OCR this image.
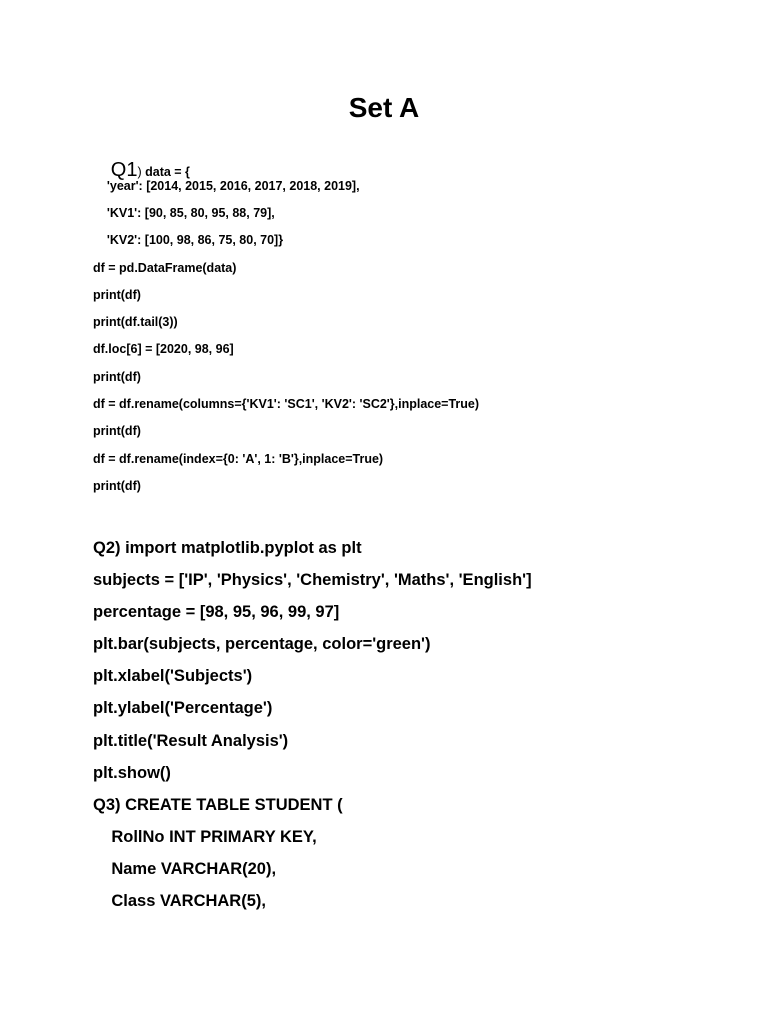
Set A

Q1) data = {

'year': [2014, 2015, 2016, 2017, 2018, 2019],
'KV1': [90, 85, 80, 95, 88, 79],
'KV2': [100, 98, 86, 75, 80, 70]}
df = pd.DataFrame(data)
print(df)
print(df.tail(3))
df.loc[6] = [2020, 98, 96]
print(df)
df = df.rename(columns={'KV1': 'SC1', 'KV2': 'SC2'},inplace=True)
print(df)
df = df.rename(index={0: 'A', 1: 'B'},inplace=True)
print(df)
Q2) import matplotlib.pyplot as plt
subjects = ['IP', 'Physics', 'Chemistry', 'Maths', 'English']
percentage = [98, 95, 96, 99, 97]
plt.bar(subjects, percentage, color='green')
plt.xlabel('Subjects')
plt.ylabel('Percentage')
plt.title('Result Analysis')
plt.show()
Q3) CREATE TABLE STUDENT (
RollNo INT PRIMARY KEY,
Name VARCHAR(20),
Class VARCHAR(5),
